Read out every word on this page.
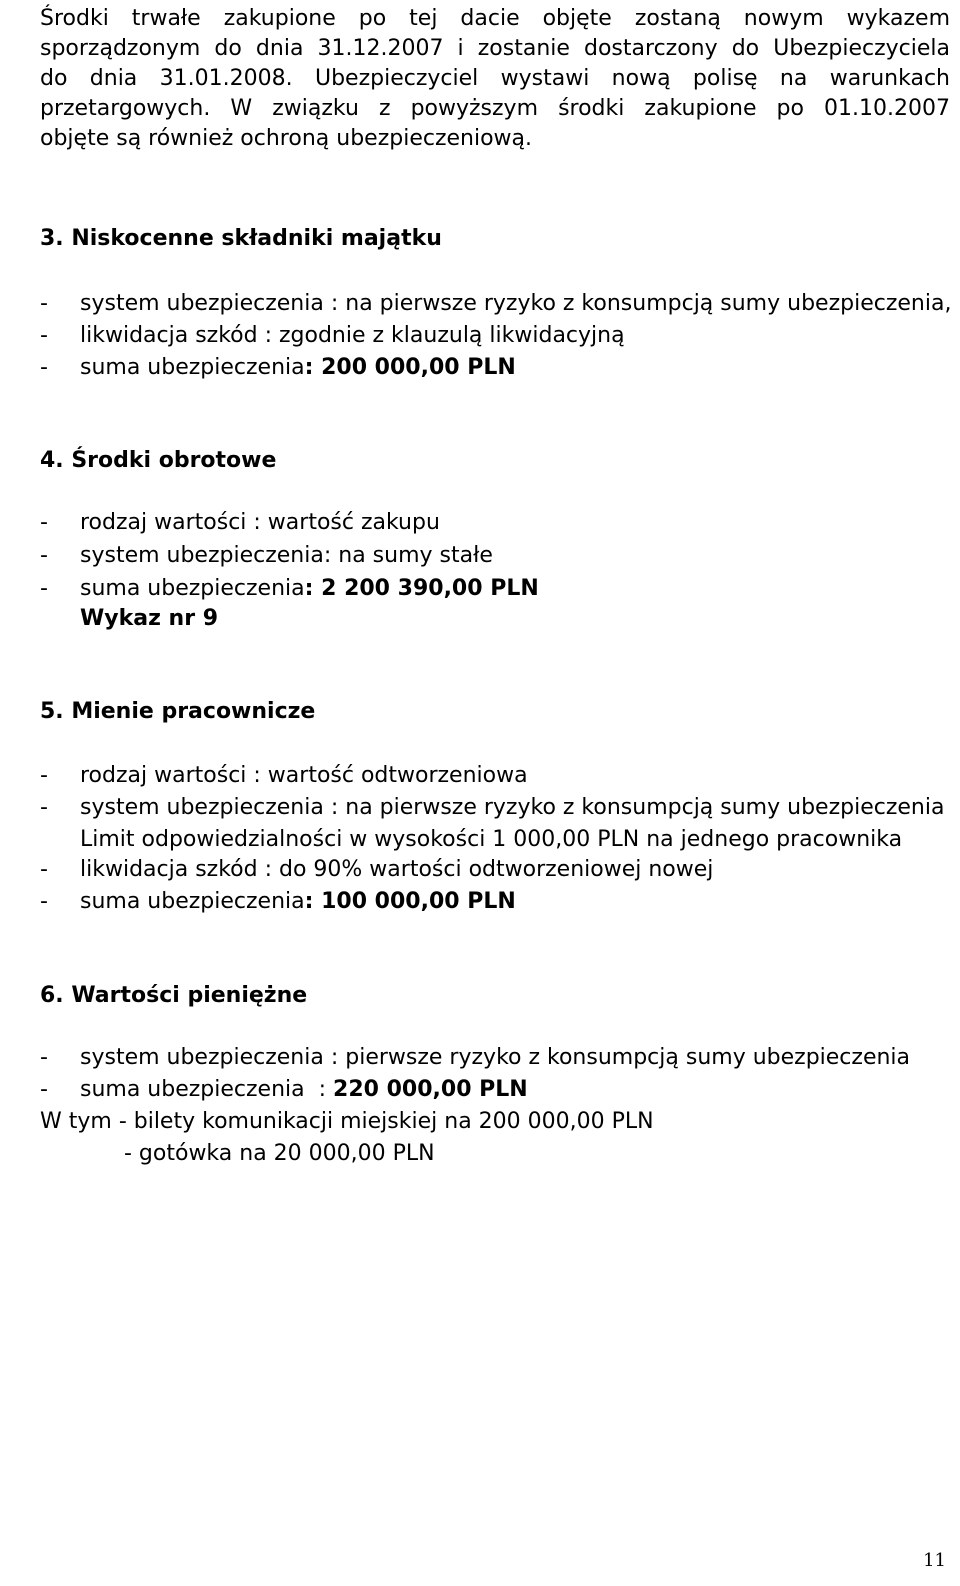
Środki trwałe zakupione po tej dacie objęte zostaną nowym wykazem
sporządzonym do dnia 31.12.2007 i zostanie dostarczony do Ubezpieczyciela
do dnia 31.01.2008. Ubezpieczyciel wystawi nową polisę na warunkach
przetargowych. W związku z powyższym środki zakupione po 01.10.2007
objęte są również ochroną ubezpieczeniową.
3. Niskocenne składniki majątku
- system ubezpieczenia : na pierwsze ryzyko z konsumpcją sumy ubezpieczenia,
- likwidacja szkód : zgodnie z klauzulą likwidacyjną
- suma ubezpieczenia: 200 000,00 PLN
4. Środki obrotowe
- rodzaj wartości : wartość zakupu
- system ubezpieczenia: na sumy stałe
- suma ubezpieczenia: 2 200 390,00 PLN
Wykaz nr 9
5. Mienie pracownicze
- rodzaj wartości : wartość odtworzeniowa
- system ubezpieczenia : na pierwsze ryzyko z konsumpcją sumy ubezpieczenia
Limit odpowiedzialności w wysokości 1 000,00 PLN na jednego pracownika
- likwidacja szkód : do 90% wartości odtworzeniowej nowej
- suma ubezpieczenia: 100 000,00 PLN
6. Wartości pieniężne
- system ubezpieczenia : pierwsze ryzyko z konsumpcją sumy ubezpieczenia
- suma ubezpieczenia  : 220 000,00 PLN
W tym - bilety komunikacji miejskiej na 200 000,00 PLN
- gotówka na 20 000,00 PLN
11
